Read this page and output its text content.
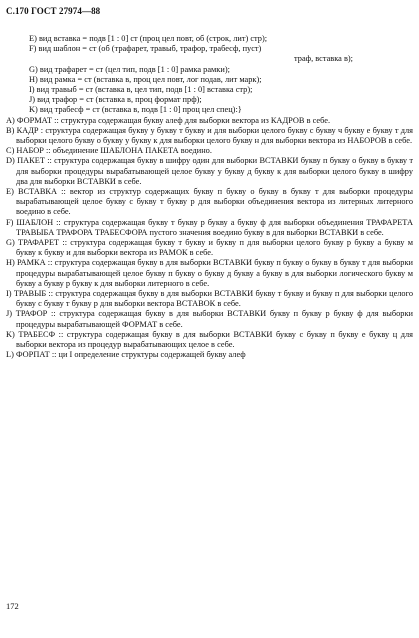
С.170 ГОСТ 27974—88
E) вид вставка = подв [1 : 0] ст (проц цел повт, об (строк, лит) стр);
F) вид шаблон = ст (об (трафарет, травыб, трафор, трабесф, пуст)
траф, вставка в);
G) вид трафарет = ст (цел тип, подв [1 : 0] рамка рамки);
H) вид рамка = ст (вставка в, проц цел повт, лог подав, лит марк);
I) вид травыб = ст (вставка в, цел тип, подв [1 : 0] вставка стр);
J) вид трафор = ст (вставка в, проц формат прф);
K) вид трабесф = ст (вставка в, подв [1 : 0] проц цел спец):}
A) ФОРМАТ :: структура содержащая букву алеф для выборки вектора из КАДРОВ в себе.
B) КАДР : структура содержащая букву у букву т букву и для выборки целого букву с букву ч букву е букву т для выборки целого букву о букву у букву к для выборки целого букву н для выборки вектора из НАБОРОВ в себе.
C) НАБОР :: объединение ШАБЛОНА ПАКЕТА воедино.
D) ПАКЕТ :: структура содержащая букву в шифру один для выборки ВСТАВКИ букву п букву о букву в букву т для выборки процедуры вырабатывающей целое букву у букву д букву к для выборки целого букву в шифру два для выборки ВСТАВКИ в себе.
E) ВСТАВКА :: вектор из структур содержащих букву п букву о букву в букву т для выборки процедуры вырабатывающей целое букву с букву т букву р для выборки объединения вектора из литерных литерного воедино в себе.
F) ШАБЛОН :: структура содержащая букву т букву р букву а букву ф для выборки объединения ТРАФАРЕТА ТРАВЫБА ТРАФОРА ТРАБЕСФОРА пустого значения воедино букву в для выборки ВСТАВКИ в себе.
G) ТРАФАРЕТ :: структура содержащая букву т букву и букву п для выборки целого букву р букву а букву м букву к букву и для выборки вектора из РАМОК в себе.
H) РАМКА :: структура содержащая букву в для выборки ВСТАВКИ букву п букву о букву в букву т для выборки процедуры вырабатывающей целое букву п букву о букву д букву а букву в для выборки логического букву м букву а букву р букву к для выборки литерного в себе.
I) ТРАВЫБ :: структура содержащая букву в для выборки ВСТАВКИ букву т букву и букву п для выборки целого букву с букву т букву р для выборки вектора ВСТАВОК в себе.
J) ТРАФОР :: структура содержащая букву в для выборки ВСТАВКИ букву п букву р букву ф для выборки процедуры вырабатывающей ФОРМАТ в себе.
K) ТРАБЕСФ :: структура содержащая букву в для выборки ВСТАВКИ букву с букву п букву е букву ц для выборки вектора из процедур вырабатывающих целое в себе.
L) ФОРПАТ :: ци I определение структуры содержащей букву алеф
172
